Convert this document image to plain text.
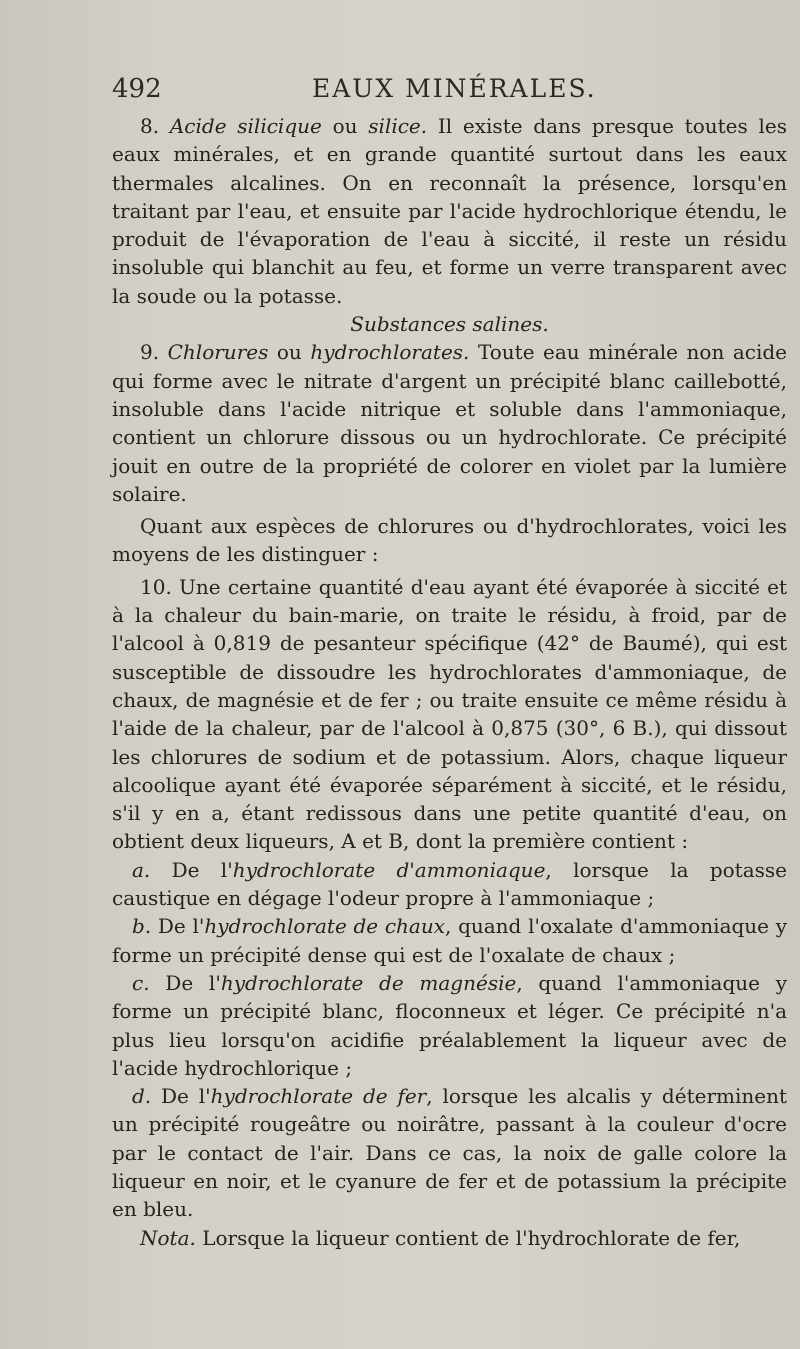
492	EAUX MINÉRALES.

8. Acide silicique ou silice. Il existe dans presque toutes les eaux minérales, et en grande quantité surtout dans les eaux thermales alcalines. On en reconnaît la présence, lorsqu'en traitant par l'eau, et ensuite par l'acide hydrochlorique étendu, le produit de l'évaporation de l'eau à siccité, il reste un résidu insoluble qui blanchit au feu, et forme un verre transparent avec la soude ou la potasse.

Substances salines.

9. Chlorures ou hydrochlorates. Toute eau minérale non acide qui forme avec le nitrate d'argent un précipité blanc caillebotté, insoluble dans l'acide nitrique et soluble dans l'ammoniaque, contient un chlorure dissous ou un hydrochlorate. Ce précipité jouit en outre de la propriété de colorer en violet par la lumière solaire.

Quant aux espèces de chlorures ou d'hydrochlorates, voici les moyens de les distinguer :

10. Une certaine quantité d'eau ayant été évaporée à siccité et à la chaleur du bain-marie, on traite le résidu, à froid, par de l'alcool à 0,819 de pesanteur spécifique (42° de Baumé), qui est susceptible de dissoudre les hydrochlorates d'ammoniaque, de chaux, de magnésie et de fer ; ou traite ensuite ce même résidu à l'aide de la chaleur, par de l'alcool à 0,875 (30°, 6 B.), qui dissout les chlorures de sodium et de potassium. Alors, chaque liqueur alcoolique ayant été évaporée séparément à siccité, et le résidu, s'il y en a, étant redissous dans une petite quantité d'eau, on obtient deux liqueurs, A et B, dont la première contient :

a. De l'hydrochlorate d'ammoniaque, lorsque la potasse caustique en dégage l'odeur propre à l'ammoniaque ;

b. De l'hydrochlorate de chaux, quand l'oxalate d'ammoniaque y forme un précipité dense qui est de l'oxalate de chaux ;

c. De l'hydrochlorate de magnésie, quand l'ammoniaque y forme un précipité blanc, floconneux et léger. Ce précipité n'a plus lieu lorsqu'on acidifie préalablement la liqueur avec de l'acide hydrochlorique ;

d. De l'hydrochlorate de fer, lorsque les alcalis y déterminent un précipité rougeâtre ou noirâtre, passant à la couleur d'ocre par le contact de l'air. Dans ce cas, la noix de galle colore la liqueur en noir, et le cyanure de fer et de potassium la précipite en bleu.

Nota. Lorsque la liqueur contient de l'hydrochlorate de fer,
